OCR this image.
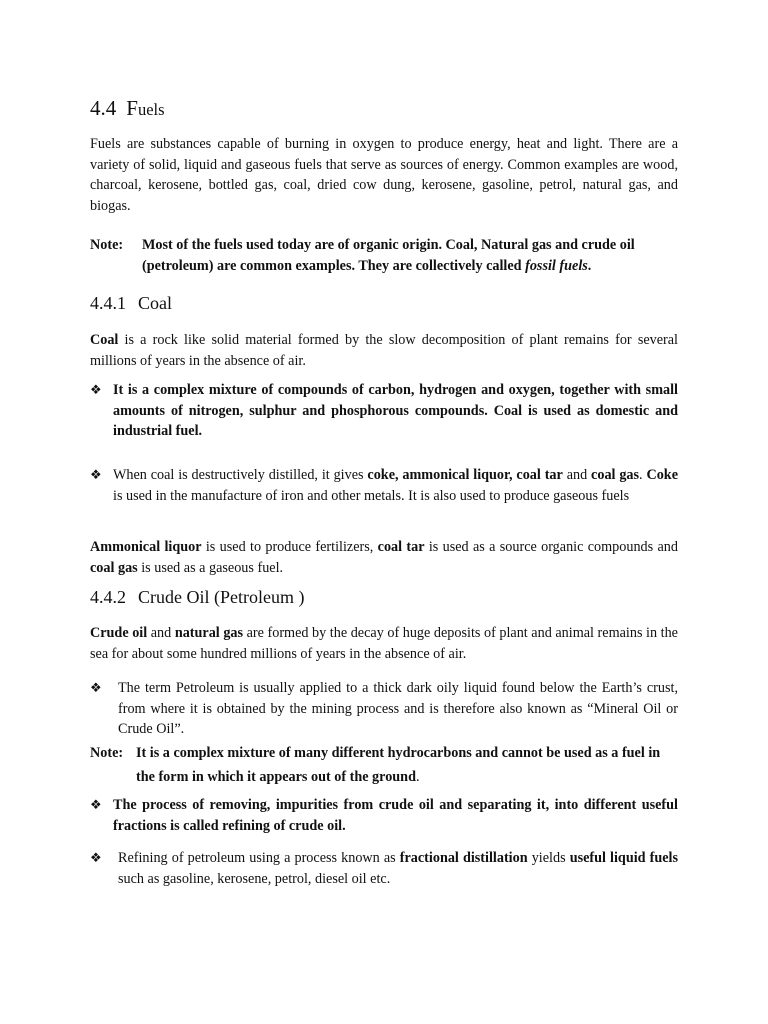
4.4 Fuels

Fuels are substances capable of burning in oxygen to produce energy, heat and light. There are a variety of solid, liquid and gaseous fuels that serve as sources of energy. Common examples are wood, charcoal, kerosene, bottled gas, coal, dried cow dung, kerosene, gasoline, petrol, natural gas, and biogas.

Note: Most of the fuels used today are of organic origin. Coal, Natural gas and crude oil (petroleum) are common examples. They are collectively called fossil fuels.
4.4.1 Coal

Coal is a rock like solid material formed by the slow decomposition of plant remains for several millions of years in the absence of air.

❖ It is a complex mixture of compounds of carbon, hydrogen and oxygen, together with small amounts of nitrogen, sulphur and phosphorous compounds. Coal is used as domestic and industrial fuel.
❖ When coal is destructively distilled, it gives coke, ammonical liquor, coal tar and coal gas. Coke is used in the manufacture of iron and other metals. It is also used to produce gaseous fuels

Ammonical liquor is used to produce fertilizers, coal tar is used as a source organic compounds and coal gas is used as a gaseous fuel.

4.4.2 Crude Oil (Petroleum )

Crude oil and natural gas are formed by the decay of huge deposits of plant and animal remains in the sea for about some hundred millions of years in the absence of air.

❖ The term Petroleum is usually applied to a thick dark oily liquid found below the Earth’s crust, from where it is obtained by the mining process and is therefore also known as “Mineral Oil or Crude Oil”.
Note: It is a complex mixture of many different hydrocarbons and cannot be used as a fuel in the form in which it appears out of the ground.
❖ The process of removing, impurities from crude oil and separating it, into different useful fractions is called refining of crude oil.
❖ Refining of petroleum using a process known as fractional distillation yields useful liquid fuels such as gasoline, kerosene, petrol, diesel oil etc.
